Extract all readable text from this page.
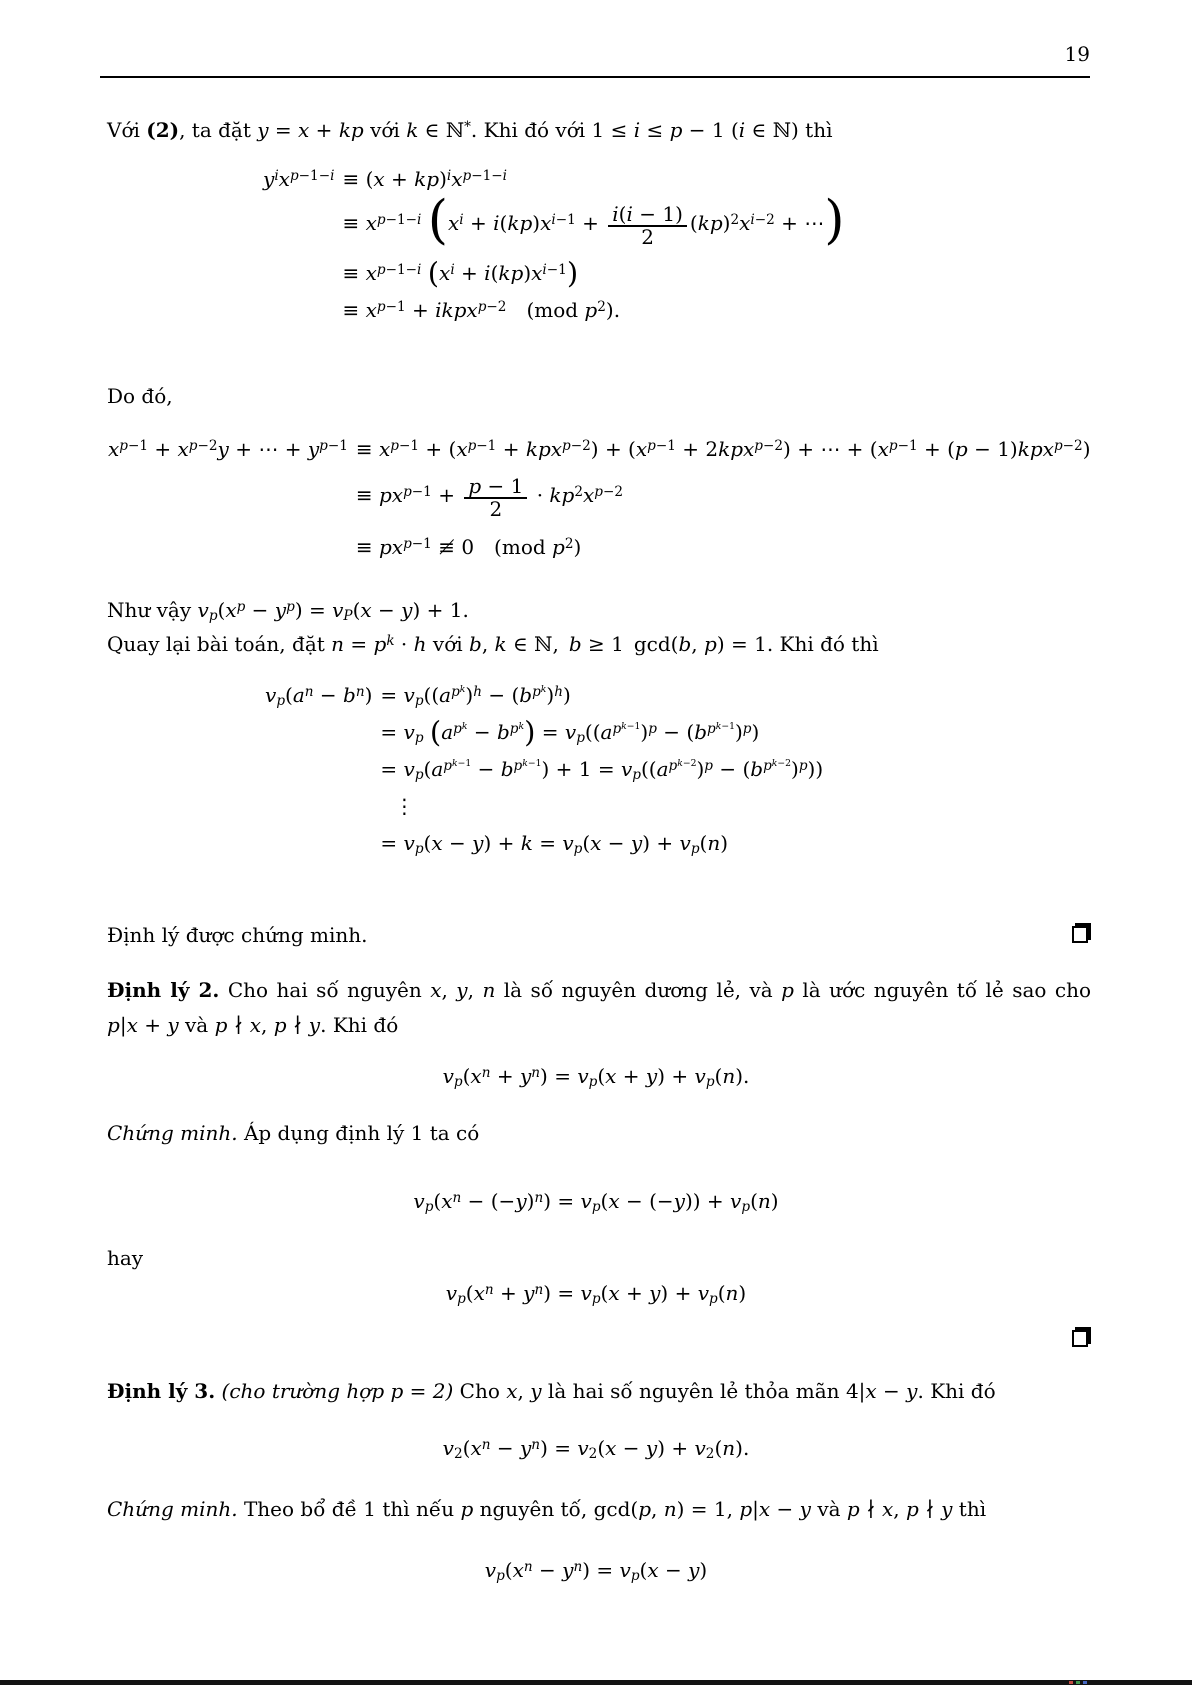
19
Với (2), ta đặt y = x + kp với k ∈ ℕ*. Khi đó với 1 ≤ i ≤ p − 1 (i ∈ ℕ) thì
$y^ix^{p-1-i} \equiv (x + kp)^ix^{p-1-i}$
≡ $x^{p-1-i}$ ($x^i + i(kp)x^{i-1} + \frac{i(i - 1)}{2} (kp)^2x^{i-2}$ + ⋯)
≡ $x^{p-1-i}$ $(x^i + i(kp)x^{i-1})$
≡ $x^{p-1}$ + ikpx$^{p-2}$  (mod $p^2$).
Do đó,
$x^{p-1} + x^{p-2}y$ + ⋯ + $y^{p-1} \equiv x^{p-1} + (x^{p-1} + kpx^{p-2}) + (x^{p-1} + 2kpx^{p-2})$ + ⋯ + $(x^{p-1} + (p - 1)kpx^{p-2})$
≡ $px^{p-1} + \frac{p - 1}{2} \cdot kp^2x^{p-2}$
≡ $px^{p-1}$ ≢ 0 (mod $p^2$)
Như vậy $v_p(x^p - y^p) = v_P(x - y) + 1$.
Quay lại bài toán, đặt $n = p^k \cdot h$ với b, k ∈ ℕ, b ≥ 1 gcd(b, p) = 1. Khi đó thì
$v_p(a^n - b^n) = v_p((a^{p^k})^h - (b^{p^k})^h)$
= $v_p$ $(a^{p^k} - b^{p^k}) = v_p((a^{p^{k-1}})^p - (b^{p^{k-1}})^p)$
= $v_p(a^{p^{k-1}} - b^{p^{k-1}}) + 1 = v_p((a^{p^{k-2}})^p - (b^{p^{k-2}})^p)$)
⋮
= $v_p(x - y) + k = v_p(x - y) + v_p(n)$
Định lý được chứng minh.
Định lý 2. Cho hai số nguyên x, y, n là số nguyên dương lẻ, và p là ước nguyên tố lẻ sao cho
p|x + y và p ∤ x, p ∤ y. Khi đó
$v_p(x^n + y^n) = v_p(x + y) + v_p(n)$.
Chứng minh. Áp dụng định lý 1 ta có
$v_p(x^n - (-y)^n) = v_p(x - (-y)) + v_p(n)$
hay
$v_p(x^n + y^n) = v_p(x + y) + v_p(n)$
Định lý 3. (cho trường hợp p = 2) Cho x, y là hai số nguyên lẻ thỏa mãn 4|x − y. Khi đó
$v_2(x^n - y^n) = v_2(x - y) + v_2(n)$.
Chứng minh. Theo bổ đề 1 thì nếu p nguyên tố, gcd(p, n) = 1, p|x − y và p ∤ x, p ∤ y thì
$v_p(x^n - y^n) = v_p(x - y)$
